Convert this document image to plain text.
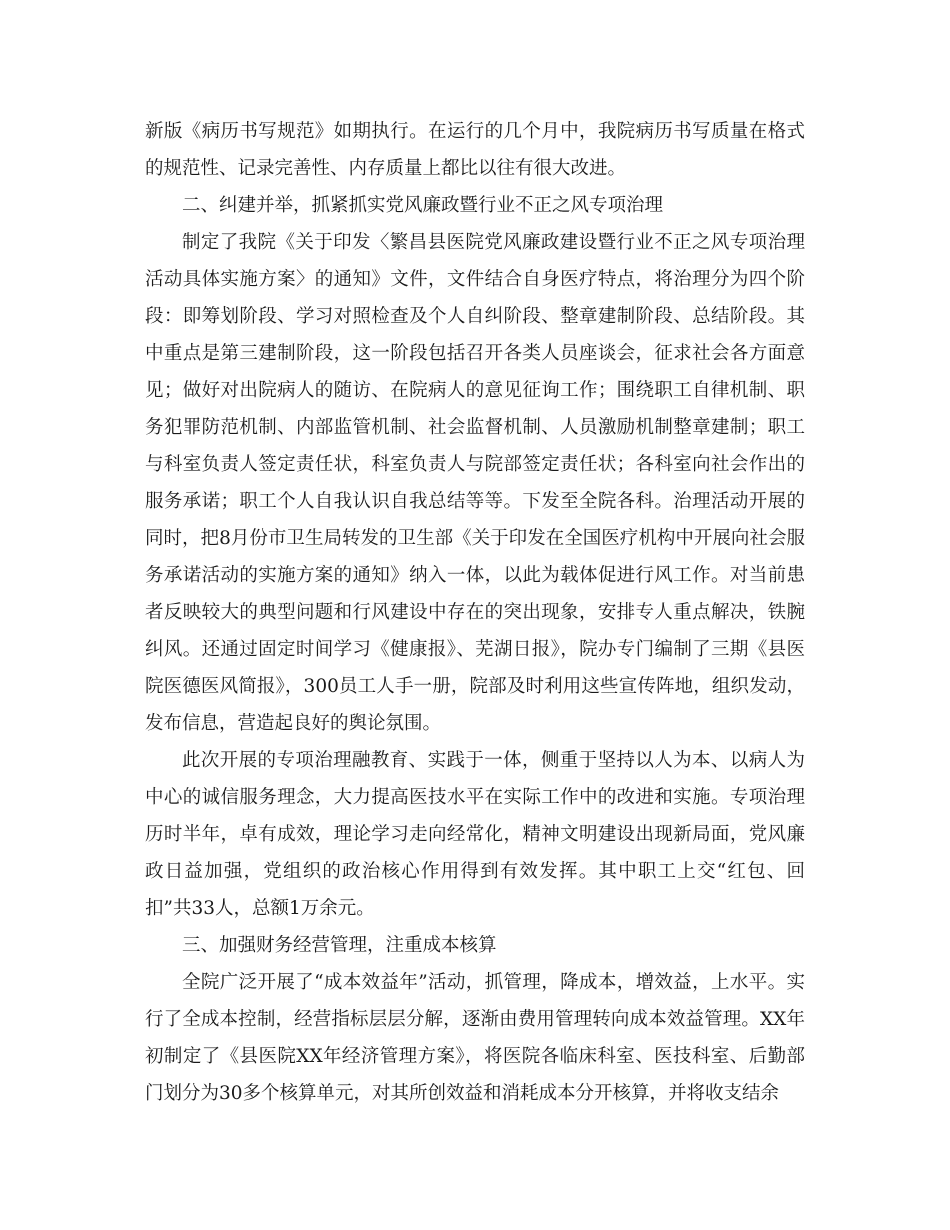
新版《病历书写规范》如期执行。在运行的几个月中，我院病历书写质量在格式的规范性、记录完善性、内存质量上都比以往有很大改进。

二、纠建并举，抓紧抓实党风廉政暨行业不正之风专项治理

制定了我院《关于印发〈繁昌县医院党风廉政建设暨行业不正之风专项治理活动具体实施方案〉的通知》文件，文件结合自身医疗特点，将治理分为四个阶段：即筹划阶段、学习对照检查及个人自纠阶段、整章建制阶段、总结阶段。其中重点是第三建制阶段，这一阶段包括召开各类人员座谈会，征求社会各方面意见；做好对出院病人的随访、在院病人的意见征询工作；围绕职工自律机制、职务犯罪防范机制、内部监管机制、社会监督机制、人员激励机制整章建制；职工与科室负责人签定责任状，科室负责人与院部签定责任状；各科室向社会作出的服务承诺；职工个人自我认识自我总结等等。下发至全院各科。治理活动开展的同时，把8月份市卫生局转发的卫生部《关于印发在全国医疗机构中开展向社会服务承诺活动的实施方案的通知》纳入一体，以此为载体促进行风工作。对当前患者反映较大的典型问题和行风建设中存在的突出现象，安排专人重点解决，铁腕纠风。还通过固定时间学习《健康报》、芜湖日报》，院办专门编制了三期《县医院医德医风简报》，300员工人手一册，院部及时利用这些宣传阵地，组织发动，发布信息，营造起良好的舆论氛围。

此次开展的专项治理融教育、实践于一体，侧重于坚持以人为本、以病人为中心的诚信服务理念，大力提高医技水平在实际工作中的改进和实施。专项治理历时半年，卓有成效，理论学习走向经常化，精神文明建设出现新局面，党风廉政日益加强，党组织的政治核心作用得到有效发挥。其中职工上交“红包、回扣”共33人，总额1万余元。

三、加强财务经营管理，注重成本核算

全院广泛开展了“成本效益年”活动，抓管理，降成本，增效益，上水平。实行了全成本控制，经营指标层层分解，逐渐由费用管理转向成本效益管理。XX年初制定了《县医院XX年经济管理方案》，将医院各临床科室、医技科室、后勤部门划分为30多个核算单元，对其所创效益和消耗成本分开核算，并将收支结余
